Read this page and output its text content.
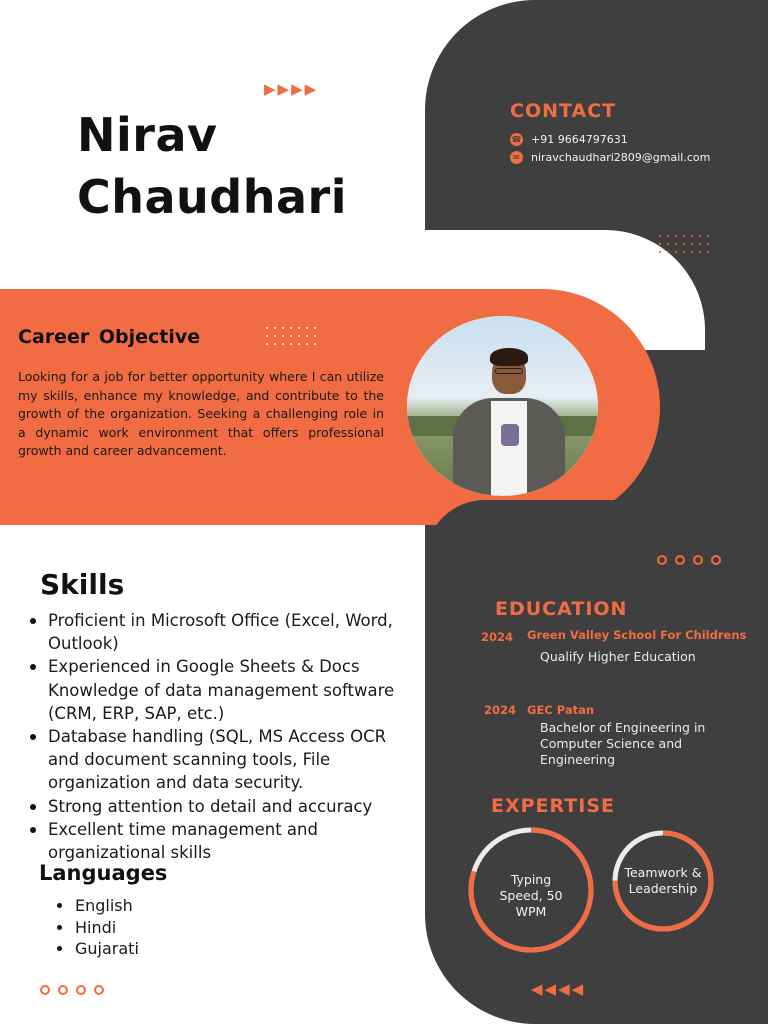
▶▶▶▶
Nirav
Chaudhari
CONTACT
☎ +91 9664797631
✉ niravchaudhari2809@gmail.com
Career Objective
Looking for a job for better opportunity where I can utilize my skills, enhance my knowledge, and contribute to the growth of the organization. Seeking a challenging role in a dynamic work environment that offers professional growth and career advancement.
Skills
Proficient in Microsoft Office (Excel, Word, Outlook)
Experienced in Google Sheets & Docs Knowledge of data management software (CRM, ERP, SAP, etc.)
Database handling (SQL, MS Access OCR and document scanning tools, File organization and data security.
Strong attention to detail and accuracy
Excellent time management and organizational skills
Languages
English
Hindi
Gujarati
EDUCATION
2024 Green Valley School For Childrens
Qualify Higher Education
2024 GEC Patan
Bachelor of Engineering in Computer Science and Engineering
EXPERTISE
Typing Speed, 50 WPM
Teamwork & Leadership
◀◀◀◀
